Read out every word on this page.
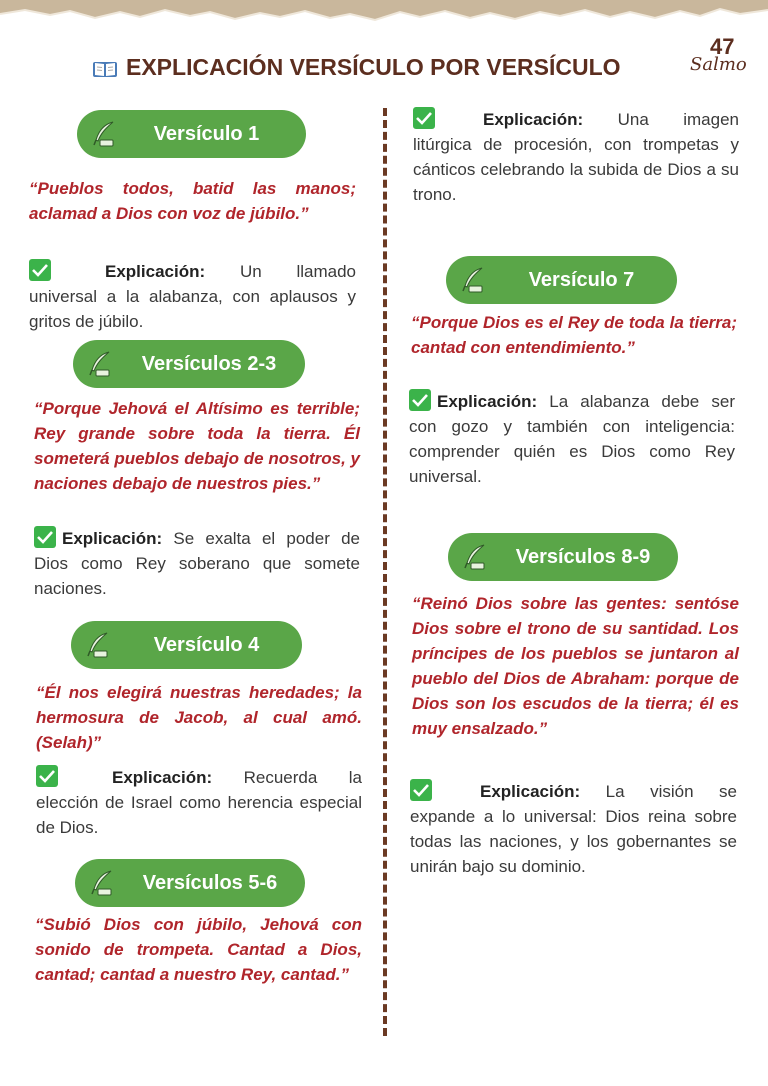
EXPLICACIÓN VERSÍCULO POR VERSÍCULO
47
Salmo
Versículo 1
“Pueblos todos, batid las manos; aclamad a Dios con voz de júbilo.”
Explicación: Un llamado universal a la alabanza, con aplausos y gritos de júbilo.
Versículos 2-3
“Porque Jehová el Altísimo es terrible; Rey grande sobre toda la tierra. Él someterá pueblos debajo de nosotros, y naciones debajo de nuestros pies.”
Explicación: Se exalta el poder de Dios como Rey soberano que somete naciones.
Versículo 4
“Él nos elegirá nuestras heredades; la hermosura de Jacob, al cual amó. (Selah)”
Explicación: Recuerda la elección de Israel como herencia especial de Dios.
Versículos 5-6
“Subió Dios con júbilo, Jehová con sonido de trompeta. Cantad a Dios, cantad; cantad a nuestro Rey, cantad.”
Explicación: Una imagen litúrgica de procesión, con trompetas y cánticos celebrando la subida de Dios a su trono.
Versículo 7
“Porque Dios es el Rey de toda la tierra; cantad con entendimiento.”
Explicación: La alabanza debe ser con gozo y también con inteligencia: comprender quién es Dios como Rey universal.
Versículos 8-9
“Reinó Dios sobre las gentes: sentóse Dios sobre el trono de su santidad. Los príncipes de los pueblos se juntaron al pueblo del Dios de Abraham: porque de Dios son los escudos de la tierra; él es muy ensalzado.”
Explicación: La visión se expande a lo universal: Dios reina sobre todas las naciones, y los gobernantes se unirán bajo su dominio.
